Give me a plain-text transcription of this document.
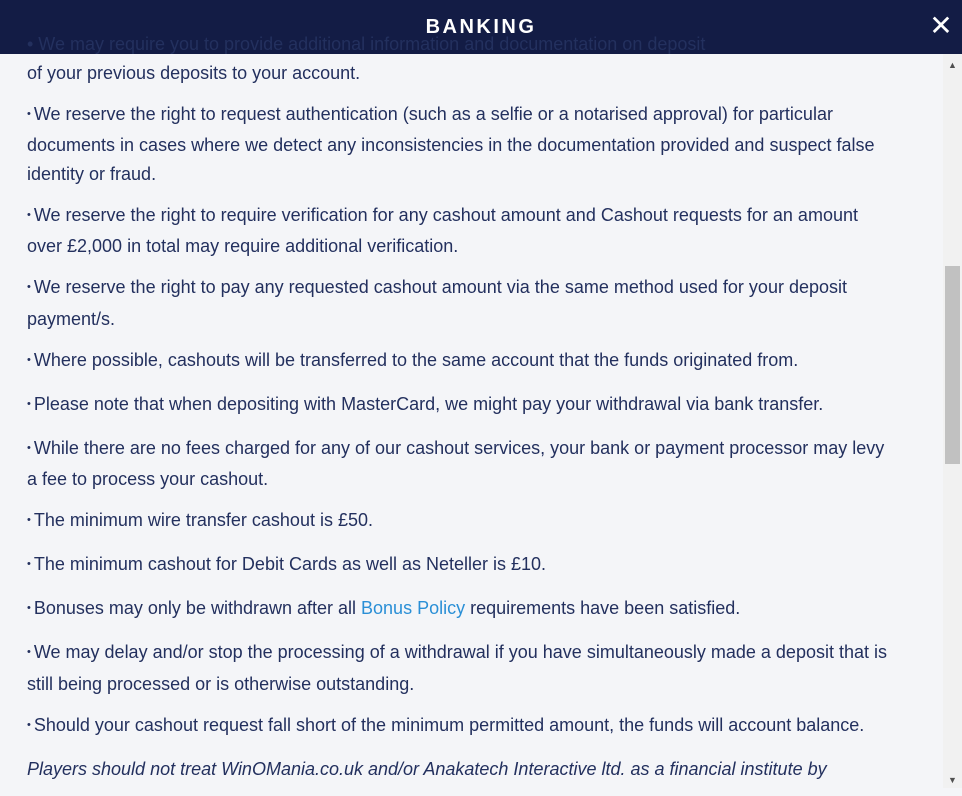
BANKING	✕

• We may require you to provide additional information and documentation on deposit
of your previous deposits to your account.

• We reserve the right to request authentication (such as a selfie or a notarised approval) for particular documents in cases where we detect any inconsistencies in the documentation provided and suspect false identity or fraud.

• We reserve the right to require verification for any cashout amount and Cashout requests for an amount over £2,000 in total may require additional verification.

• We reserve the right to pay any requested cashout amount via the same method used for your deposit payment/s.

• Where possible, cashouts will be transferred to the same account that the funds originated from.

• Please note that when depositing with MasterCard, we might pay your withdrawal via bank transfer.

• While there are no fees charged for any of our cashout services, your bank or payment processor may levy a fee to process your cashout.

• The minimum wire transfer cashout is £50.

• The minimum cashout for Debit Cards as well as Neteller is £10.

• Bonuses may only be withdrawn after all Bonus Policy requirements have been satisfied.

• We may delay and/or stop the processing of a withdrawal if you have simultaneously made a deposit that is still being processed or is otherwise outstanding.

• Should your cashout request fall short of the minimum permitted amount, the funds will account balance.

Players should not treat WinOMania.co.uk and/or Anakatech Interactive ltd. as a financial institute by

▲
▼
